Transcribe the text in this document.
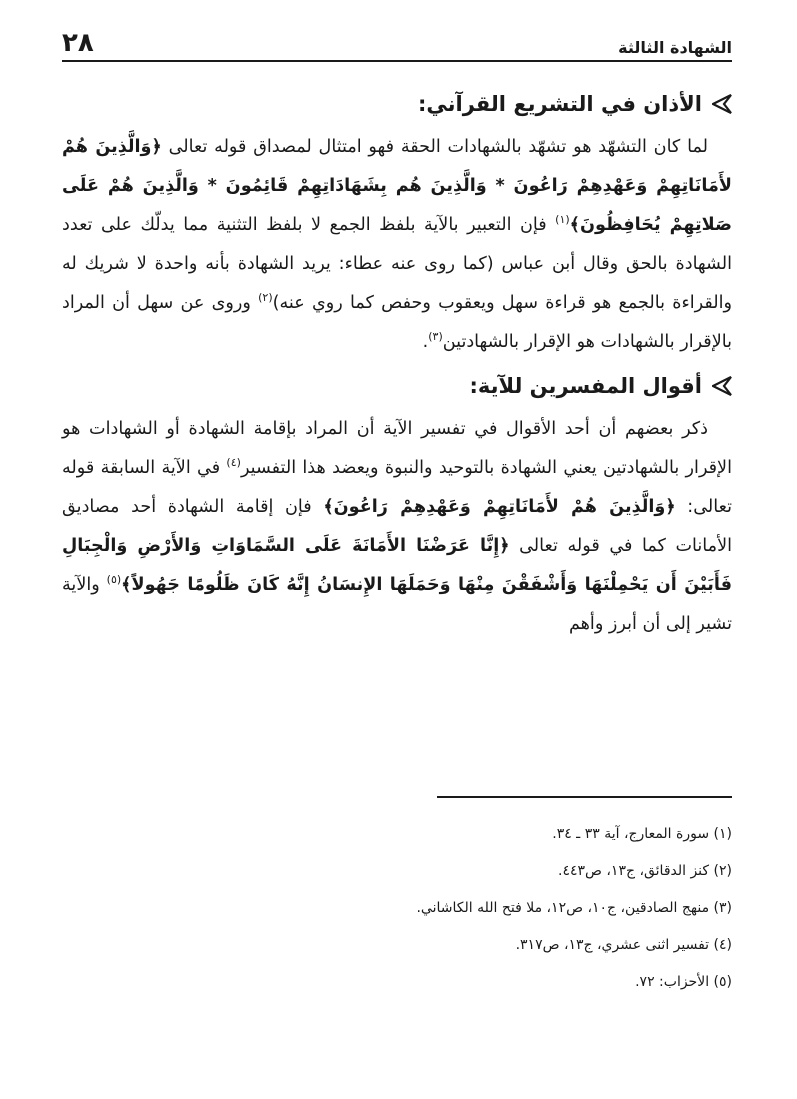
الشهادة الثالثة
٢٨
الأذان في التشريع القرآني:

لما كان التشهّد هو تشهّد بالشهادات الحقة فهو امتثال لمصداق قوله تعالى ﴿وَالَّذِينَ هُمْ لأَمَانَاتِهِمْ وَعَهْدِهِمْ رَاعُونَ * وَالَّذِينَ هُم بِشَهَادَاتِهِمْ قَائِمُونَ * وَالَّذِينَ هُمْ عَلَى صَلاتِهِمْ يُحَافِظُونَ﴾$^{(١)}$ فإن التعبير بالآية بلفظ الجمع لا بلفظ التثنية مما يدلّك على تعدد الشهادة بالحق وقال أبن عباس (كما روى عنه عطاء: يريد الشهادة بأنه واحدة لا شريك له والقراءة بالجمع هو قراءة سهل ويعقوب وحفص كما روي عنه)$^{(٢)}$ وروى عن سهل أن المراد بالإقرار بالشهادات هو الإقرار بالشهادتين$^{(٣)}$.

أقوال المفسرين للآية:

ذكر بعضهم أن أحد الأقوال في تفسير الآية أن المراد بإقامة الشهادة أو الشهادات هو الإقرار بالشهادتين يعني الشهادة بالتوحيد والنبوة ويعضد هذا التفسير$^{(٤)}$ في الآية السابقة قوله تعالى: ﴿وَالَّذِينَ هُمْ لأَمَانَاتِهِمْ وَعَهْدِهِمْ رَاعُونَ﴾ فإن إقامة الشهادة أحد مصاديق الأمانات كما في قوله تعالى ﴿إِنَّا عَرَضْنَا الأَمَانَةَ عَلَى السَّمَاوَاتِ وَالأَرْضِ وَالْجِبَالِ فَأَبَيْنَ أَن يَحْمِلْنَهَا وَأَشْفَقْنَ مِنْهَا وَحَمَلَهَا الإِنسَانُ إِنَّهُ كَانَ ظَلُومًا جَهُولاً﴾$^{(٥)}$ والآية تشير إلى أن أبرز وأهم

(١) سورة المعارج، آية ٣٣ ـ ٣٤.

(٢) كنز الدقائق، ج١٣، ص٤٤٣.

(٣) منهج الصادقين، ج١٠، ص١٢، ملا فتح الله الكاشاني.

(٤) تفسير اثنى عشري، ج١٣، ص٣١٧.

(٥) الأحزاب: ٧٢.
